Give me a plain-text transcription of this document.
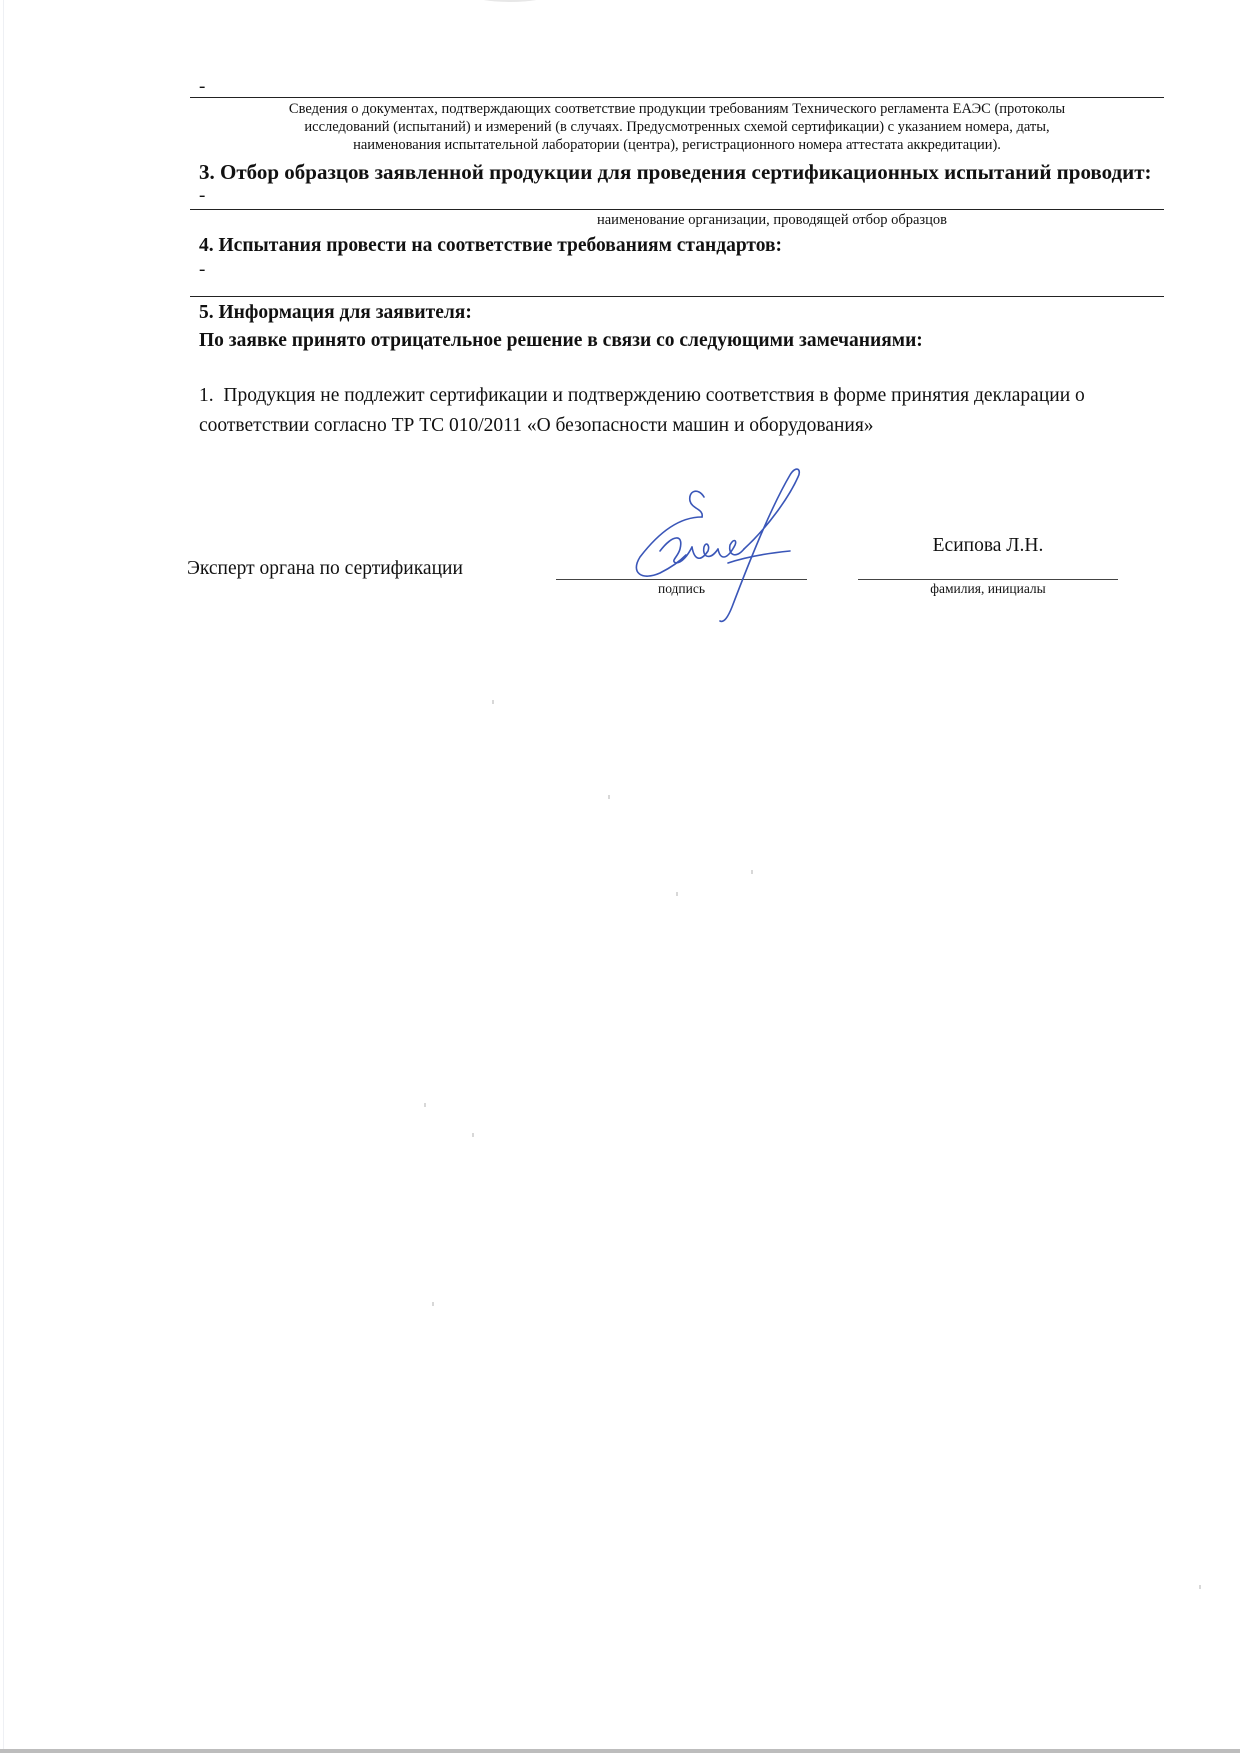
-
Сведения о документах, подтверждающих соответствие продукции требованиям Технического регламента ЕАЭС (протоколы
исследований (испытаний) и измерений (в случаях. Предусмотренных схемой сертификации) с указанием номера, даты,
наименования испытательной лаборатории (центра), регистрационного номера аттестата аккредитации).
3. Отбор образцов заявленной продукции для проведения сертификационных испытаний проводит:
-
наименование организации, проводящей отбор образцов
4. Испытания провести на соответствие требованиям стандартов:
-
5. Информация для заявителя:
По заявке принято отрицательное решение в связи со следующими замечаниями:
1. Продукция не подлежит сертификации и подтверждению соответствия в форме принятия декларации о соответствии согласно ТР ТС 010/2011 «О безопасности машин и оборудования»
Эксперт органа по сертификации
подпись
Есипова Л.Н.
фамилия, инициалы
